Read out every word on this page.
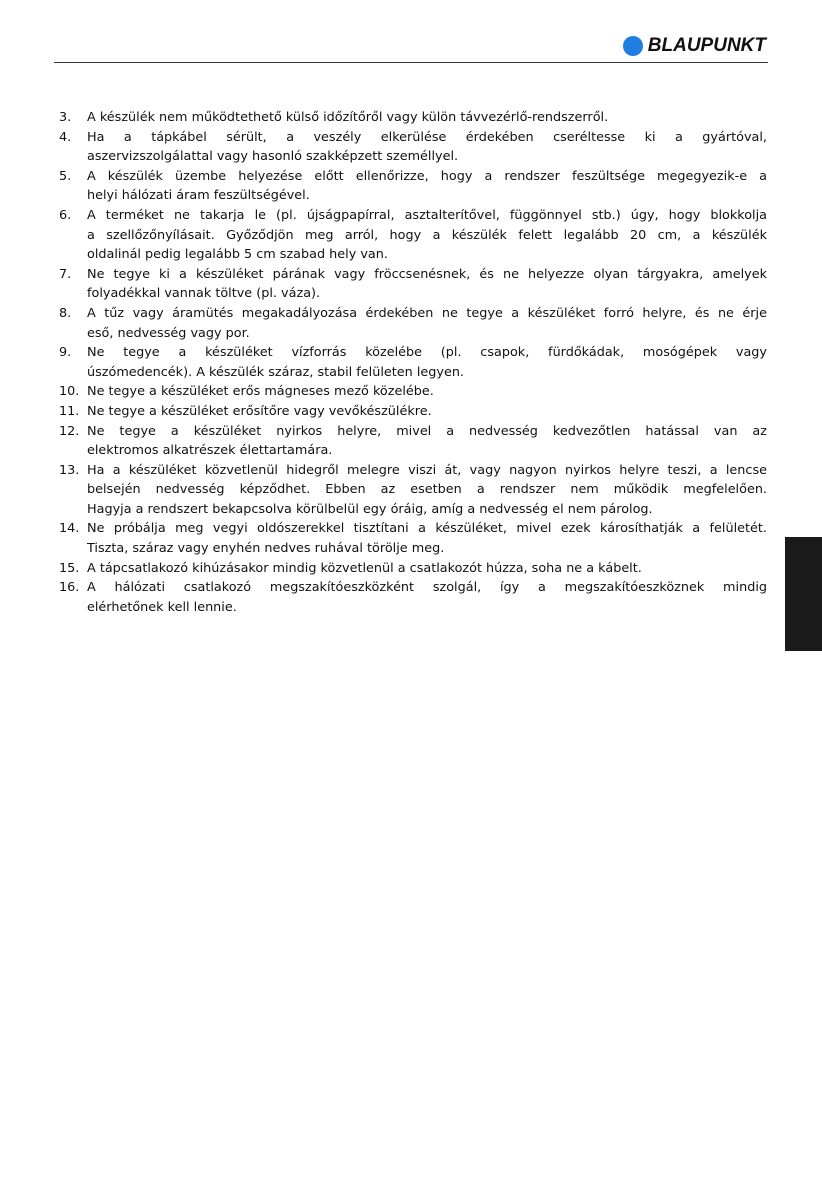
BLAUPUNKT
3. A készülék nem működtethető külső időzítőről vagy külön távvezérlő-rendszerről.
4. Ha a tápkábel sérült, a veszély elkerülése érdekében cseréltesse ki a gyártóval,
aszervizszolgálattal vagy hasonló szakképzett személlyel.
5. A készülék üzembe helyezése előtt ellenőrizze, hogy a rendszer feszültsége megegyezik-e a
helyi hálózati áram feszültségével.
6. A terméket ne takarja le (pl. újságpapírral, asztalterítővel, függönnyel stb.) úgy, hogy blokkolja
a szellőzőnyílásait. Győződjön meg arról, hogy a készülék felett legalább 20 cm, a készülék
oldalinál pedig legalább 5 cm szabad hely van.
7. Ne tegye ki a készüléket párának vagy fröccsenésnek, és ne helyezze olyan tárgyakra, amelyek
folyadékkal vannak töltve (pl. váza).
8. A tűz vagy áramütés megakadályozása érdekében ne tegye a készüléket forró helyre, és ne érje
eső, nedvesség vagy por.
9. Ne tegye a készüléket vízforrás közelébe (pl. csapok, fürdőkádak, mosógépek vagy
úszómedencék). A készülék száraz, stabil felületen legyen.
10. Ne tegye a készüléket erős mágneses mező közelébe.
11. Ne tegye a készüléket erősítőre vagy vevőkészülékre.
12. Ne tegye a készüléket nyirkos helyre, mivel a nedvesség kedvezőtlen hatással van az
elektromos alkatrészek élettartamára.
13. Ha a készüléket közvetlenül hidegről melegre viszi át, vagy nagyon nyirkos helyre teszi, a lencse
belsején nedvesség képződhet. Ebben az esetben a rendszer nem működik megfelelően.
Hagyja a rendszert bekapcsolva körülbelül egy óráig, amíg a nedvesség el nem párolog.
14. Ne próbálja meg vegyi oldószerekkel tisztítani a készüléket, mivel ezek károsíthatják a felületét.
Tiszta, száraz vagy enyhén nedves ruhával törölje meg.
15. A tápcsatlakozó kihúzásakor mindig közvetlenül a csatlakozót húzza, soha ne a kábelt.
16. A hálózati csatlakozó megszakítóeszközként szolgál, így a megszakítóeszköznek mindig
elérhetőnek kell lennie.
